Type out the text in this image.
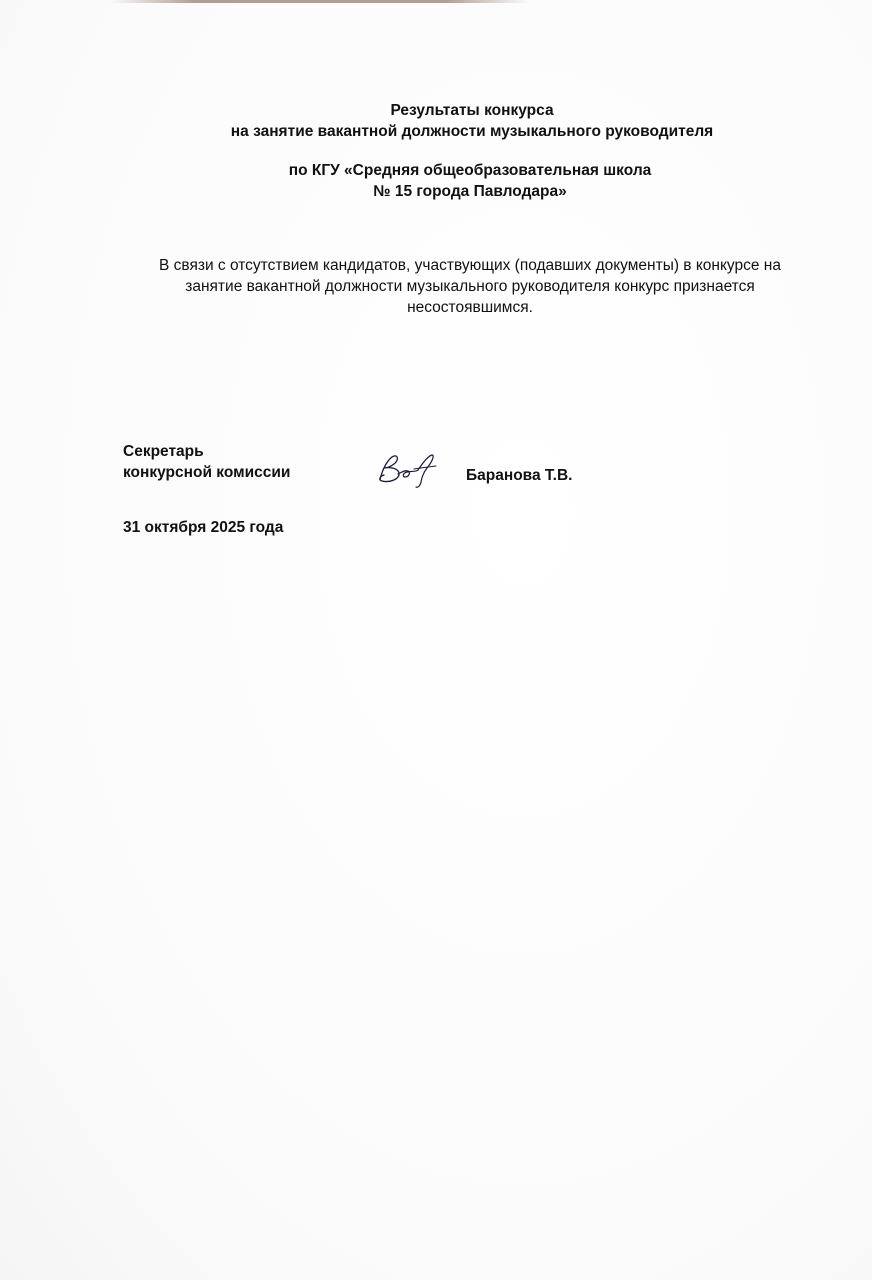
Результаты конкурса
на занятие вакантной должности музыкального руководителя
по КГУ «Средняя общеобразовательная школа
№ 15 города Павлодара»
В связи с отсутствием кандидатов, участвующих (подавших документы) в конкурсе на
занятие вакантной должности музыкального руководителя конкурс признается
несостоявшимся.
Секретарь
конкурсной комиссии	Баранова Т.В.
31 октября 2025 года
